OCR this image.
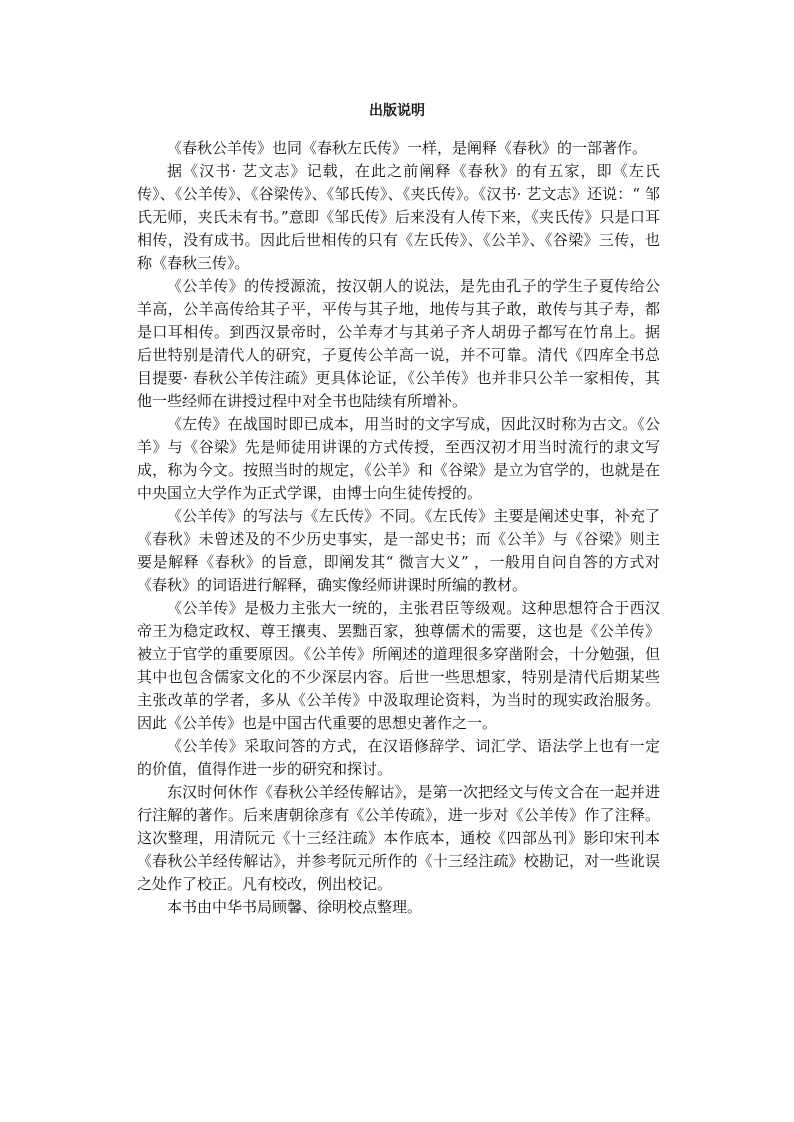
出版说明

《春秋公羊传》也同《春秋左氏传》一样，是阐释《春秋》的一部著作。

据《汉书· 艺文志》记载，在此之前阐释《春秋》的有五家，即《左氏传》、《公羊传》、《谷梁传》、《邹氏传》、《夹氏传》。《汉书· 艺文志》还说：“ 邹氏无师，夹氏未有书。”意即《邹氏传》后来没有人传下来，《夹氏传》只是口耳相传，没有成书。因此后世相传的只有《左氏传》、《公羊》、《谷梁》三传，也称《春秋三传》。

《公羊传》的传授源流，按汉朝人的说法，是先由孔子的学生子夏传给公羊高，公羊高传给其子平，平传与其子地，地传与其子敢，敢传与其子寿，都是口耳相传。到西汉景帝时，公羊寿才与其弟子齐人胡毋子都写在竹帛上。据后世特别是清代人的研究，子夏传公羊高一说，并不可靠。清代《四库全书总目提要· 春秋公羊传注疏》更具体论证，《公羊传》也并非只公羊一家相传，其他一些经师在讲授过程中对全书也陆续有所增补。

《左传》在战国时即已成本，用当时的文字写成，因此汉时称为古文。《公羊》与《谷梁》先是师徒用讲课的方式传授，至西汉初才用当时流行的隶文写成，称为今文。按照当时的规定，《公羊》和《谷梁》是立为官学的，也就是在中央国立大学作为正式学课，由博士向生徒传授的。

《公羊传》的写法与《左氏传》不同。《左氏传》主要是阐述史事，补充了《春秋》未曾述及的不少历史事实，是一部史书；而《公羊》与《谷梁》则主要是解释《春秋》的旨意，即阐发其“ 微言大义” ，一般用自问自答的方式对《春秋》的词语进行解释，确实像经师讲课时所编的教材。

《公羊传》是极力主张大一统的，主张君臣等级观。这种思想符合于西汉帝王为稳定政权、尊王攘夷、罢黜百家，独尊儒术的需要，这也是《公羊传》被立于官学的重要原因。《公羊传》所阐述的道理很多穿凿附会，十分勉强，但其中也包含儒家文化的不少深层内容。后世一些思想家，特别是清代后期某些主张改革的学者，多从《公羊传》中汲取理论资料，为当时的现实政治服务。因此《公羊传》也是中国古代重要的思想史著作之一。

《公羊传》采取问答的方式，在汉语修辞学、词汇学、语法学上也有一定的价值，值得作进一步的研究和探讨。

东汉时何休作《春秋公羊经传解诂》，是第一次把经文与传文合在一起并进行注解的著作。后来唐朝徐彦有《公羊传疏》，进一步对《公羊传》作了注释。这次整理，用清阮元《十三经注疏》本作底本，通校《四部丛刊》影印宋刊本《春秋公羊经传解诂》，并参考阮元所作的《十三经注疏》校勘记，对一些讹误之处作了校正。凡有校改，例出校记。

本书由中华书局顾馨、徐明校点整理。
